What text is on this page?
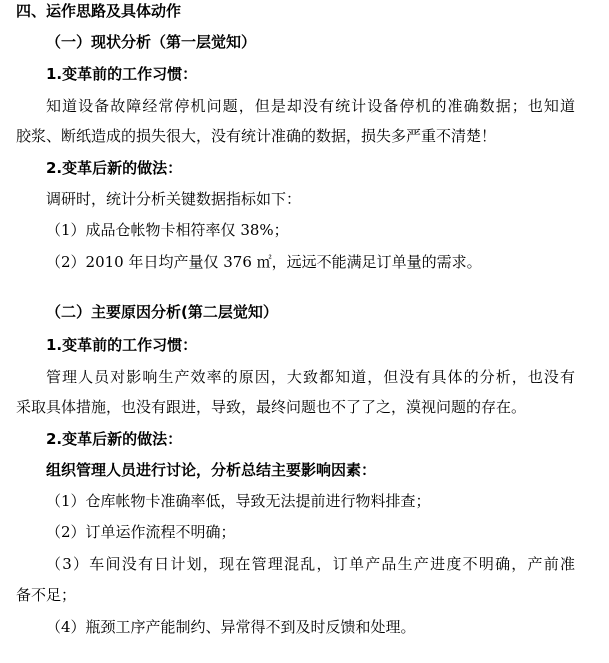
四、运作思路及具体动作
（一）现状分析（第一层觉知）
1.变革前的工作习惯：
知道设备故障经常停机问题，但是却没有统计设备停机的准确数据；也知道
胶浆、断纸造成的损失很大，没有统计准确的数据，损失多严重不清楚！
2.变革后新的做法：
调研时，统计分析关键数据指标如下：
（1）成品仓帐物卡相符率仅 38%；
（2）2010 年日均产量仅 376 ㎡，远远不能满足订单量的需求。
（二）主要原因分析(第二层觉知）
1.变革前的工作习惯：
管理人员对影响生产效率的原因，大致都知道，但没有具体的分析，也没有
采取具体措施，也没有跟进，导致，最终问题也不了了之，漠视问题的存在。
2.变革后新的做法：
组织管理人员进行讨论，分析总结主要影响因素：
（1）仓库帐物卡准确率低，导致无法提前进行物料排查；
（2）订单运作流程不明确；
（3）车间没有日计划，现在管理混乱，订单产品生产进度不明确，产前准
备不足；
（4）瓶颈工序产能制约、异常得不到及时反馈和处理。
